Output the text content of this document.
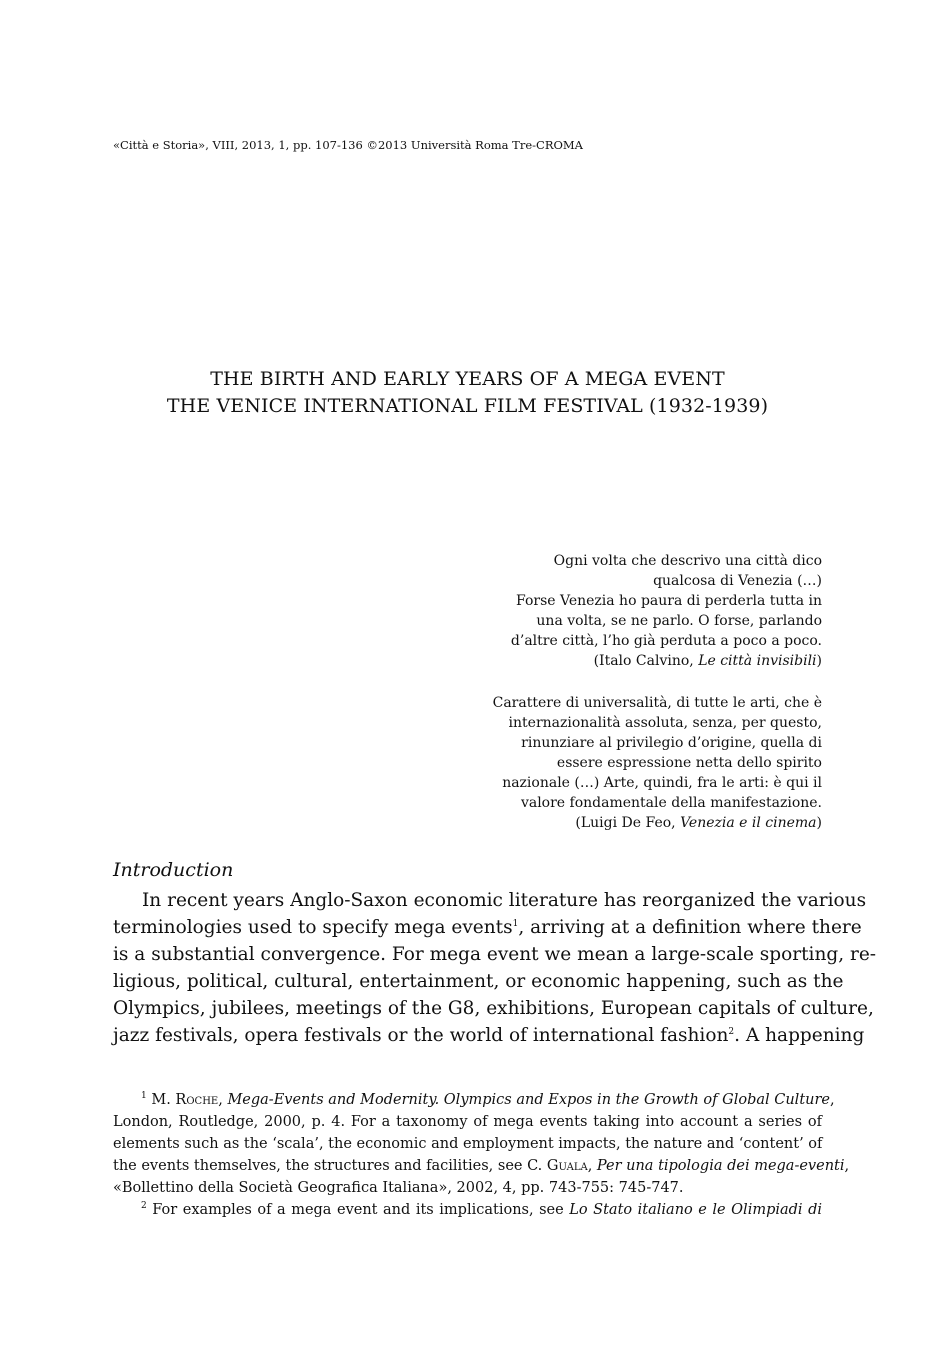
«Città e Storia», VIII, 2013, 1, pp. 107-136 ©2013 Università Roma Tre-CROMA
THE BIRTH AND EARLY YEARS OF A MEGA EVENT
THE VENICE INTERNATIONAL FILM FESTIVAL (1932-1939)
Ogni volta che descrivo una città dico
qualcosa di Venezia (…)
Forse Venezia ho paura di perderla tutta in
una volta, se ne parlo. O forse, parlando
d’altre città, l’ho già perduta a poco a poco.
(Italo Calvino, Le città invisibili)
Carattere di universalità, di tutte le arti, che è
internazionalità assoluta, senza, per questo,
rinunziare al privilegio d’origine, quella di
essere espressione netta dello spirito
nazionale (…) Arte, quindi, fra le arti: è qui il
valore fondamentale della manifestazione.
(Luigi De Feo, Venezia e il cinema)
Introduction
In recent years Anglo-Saxon economic literature has reorganized the various
terminologies used to specify mega events$^1$, arriving at a definition where there
is a substantial convergence. For mega event we mean a large-scale sporting, re-
ligious, political, cultural, entertainment, or economic happening, such as the
Olympics, jubilees, meetings of the G8, exhibitions, European capitals of culture,
jazz festivals, opera festivals or the world of international fashion$^2$. A happening
$^1$ M. Roche, Mega-Events and Modernity. Olympics and Expos in the Growth of Global Culture,
London, Routledge, 2000, p. 4. For a taxonomy of mega events taking into account a series of
elements such as the ‘scala’, the economic and employment impacts, the nature and ‘content’ of
the events themselves, the structures and facilities, see C. Guala, Per una tipologia dei mega-eventi,
«Bollettino della Società Geografica Italiana», 2002, 4, pp. 743-755: 745-747.
$^2$ For examples of a mega event and its implications, see Lo Stato italiano e le Olimpiadi di
